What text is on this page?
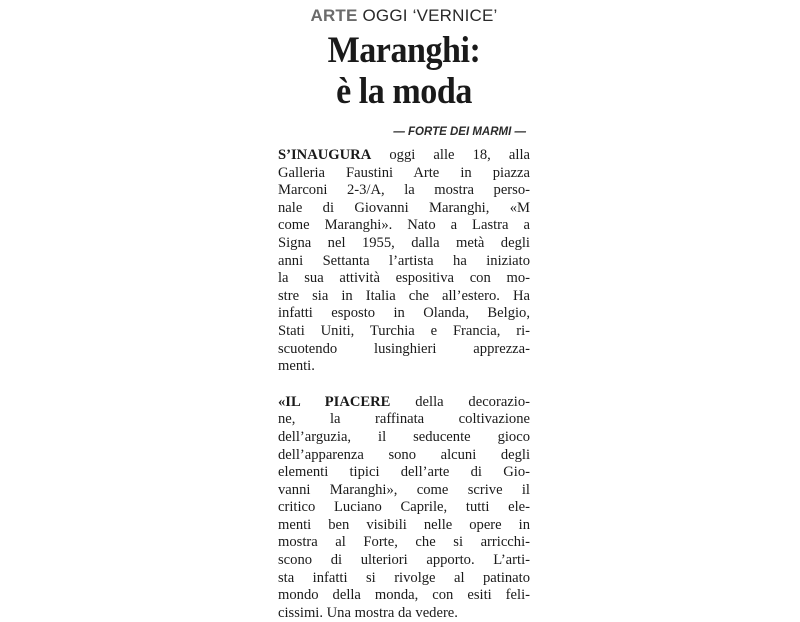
ARTE OGGI ‘VERNICE’
Maranghi:
è la moda
— FORTE DEI MARMI —
S’INAUGURA oggi alle 18, alla
Galleria Faustini Arte in piazza
Marconi 2-3/A, la mostra perso-
nale di Giovanni Maranghi, «M
come Maranghi». Nato a Lastra a
Signa nel 1955, dalla metà degli
anni Settanta l’artista ha iniziato
la sua attività espositiva con mo-
stre sia in Italia che all’estero. Ha
infatti esposto in Olanda, Belgio,
Stati Uniti, Turchia e Francia, ri-
scuotendo lusinghieri apprezza-
menti.
«IL PIACERE della decorazio-
ne, la raffinata coltivazione
dell’arguzia, il seducente gioco
dell’apparenza sono alcuni degli
elementi tipici dell’arte di Gio-
vanni Maranghi», come scrive il
critico Luciano Caprile, tutti ele-
menti ben visibili nelle opere in
mostra al Forte, che si arricchi-
scono di ulteriori apporto. L’arti-
sta infatti si rivolge al patinato
mondo della monda, con esiti feli-
cissimi. Una mostra da vedere.
